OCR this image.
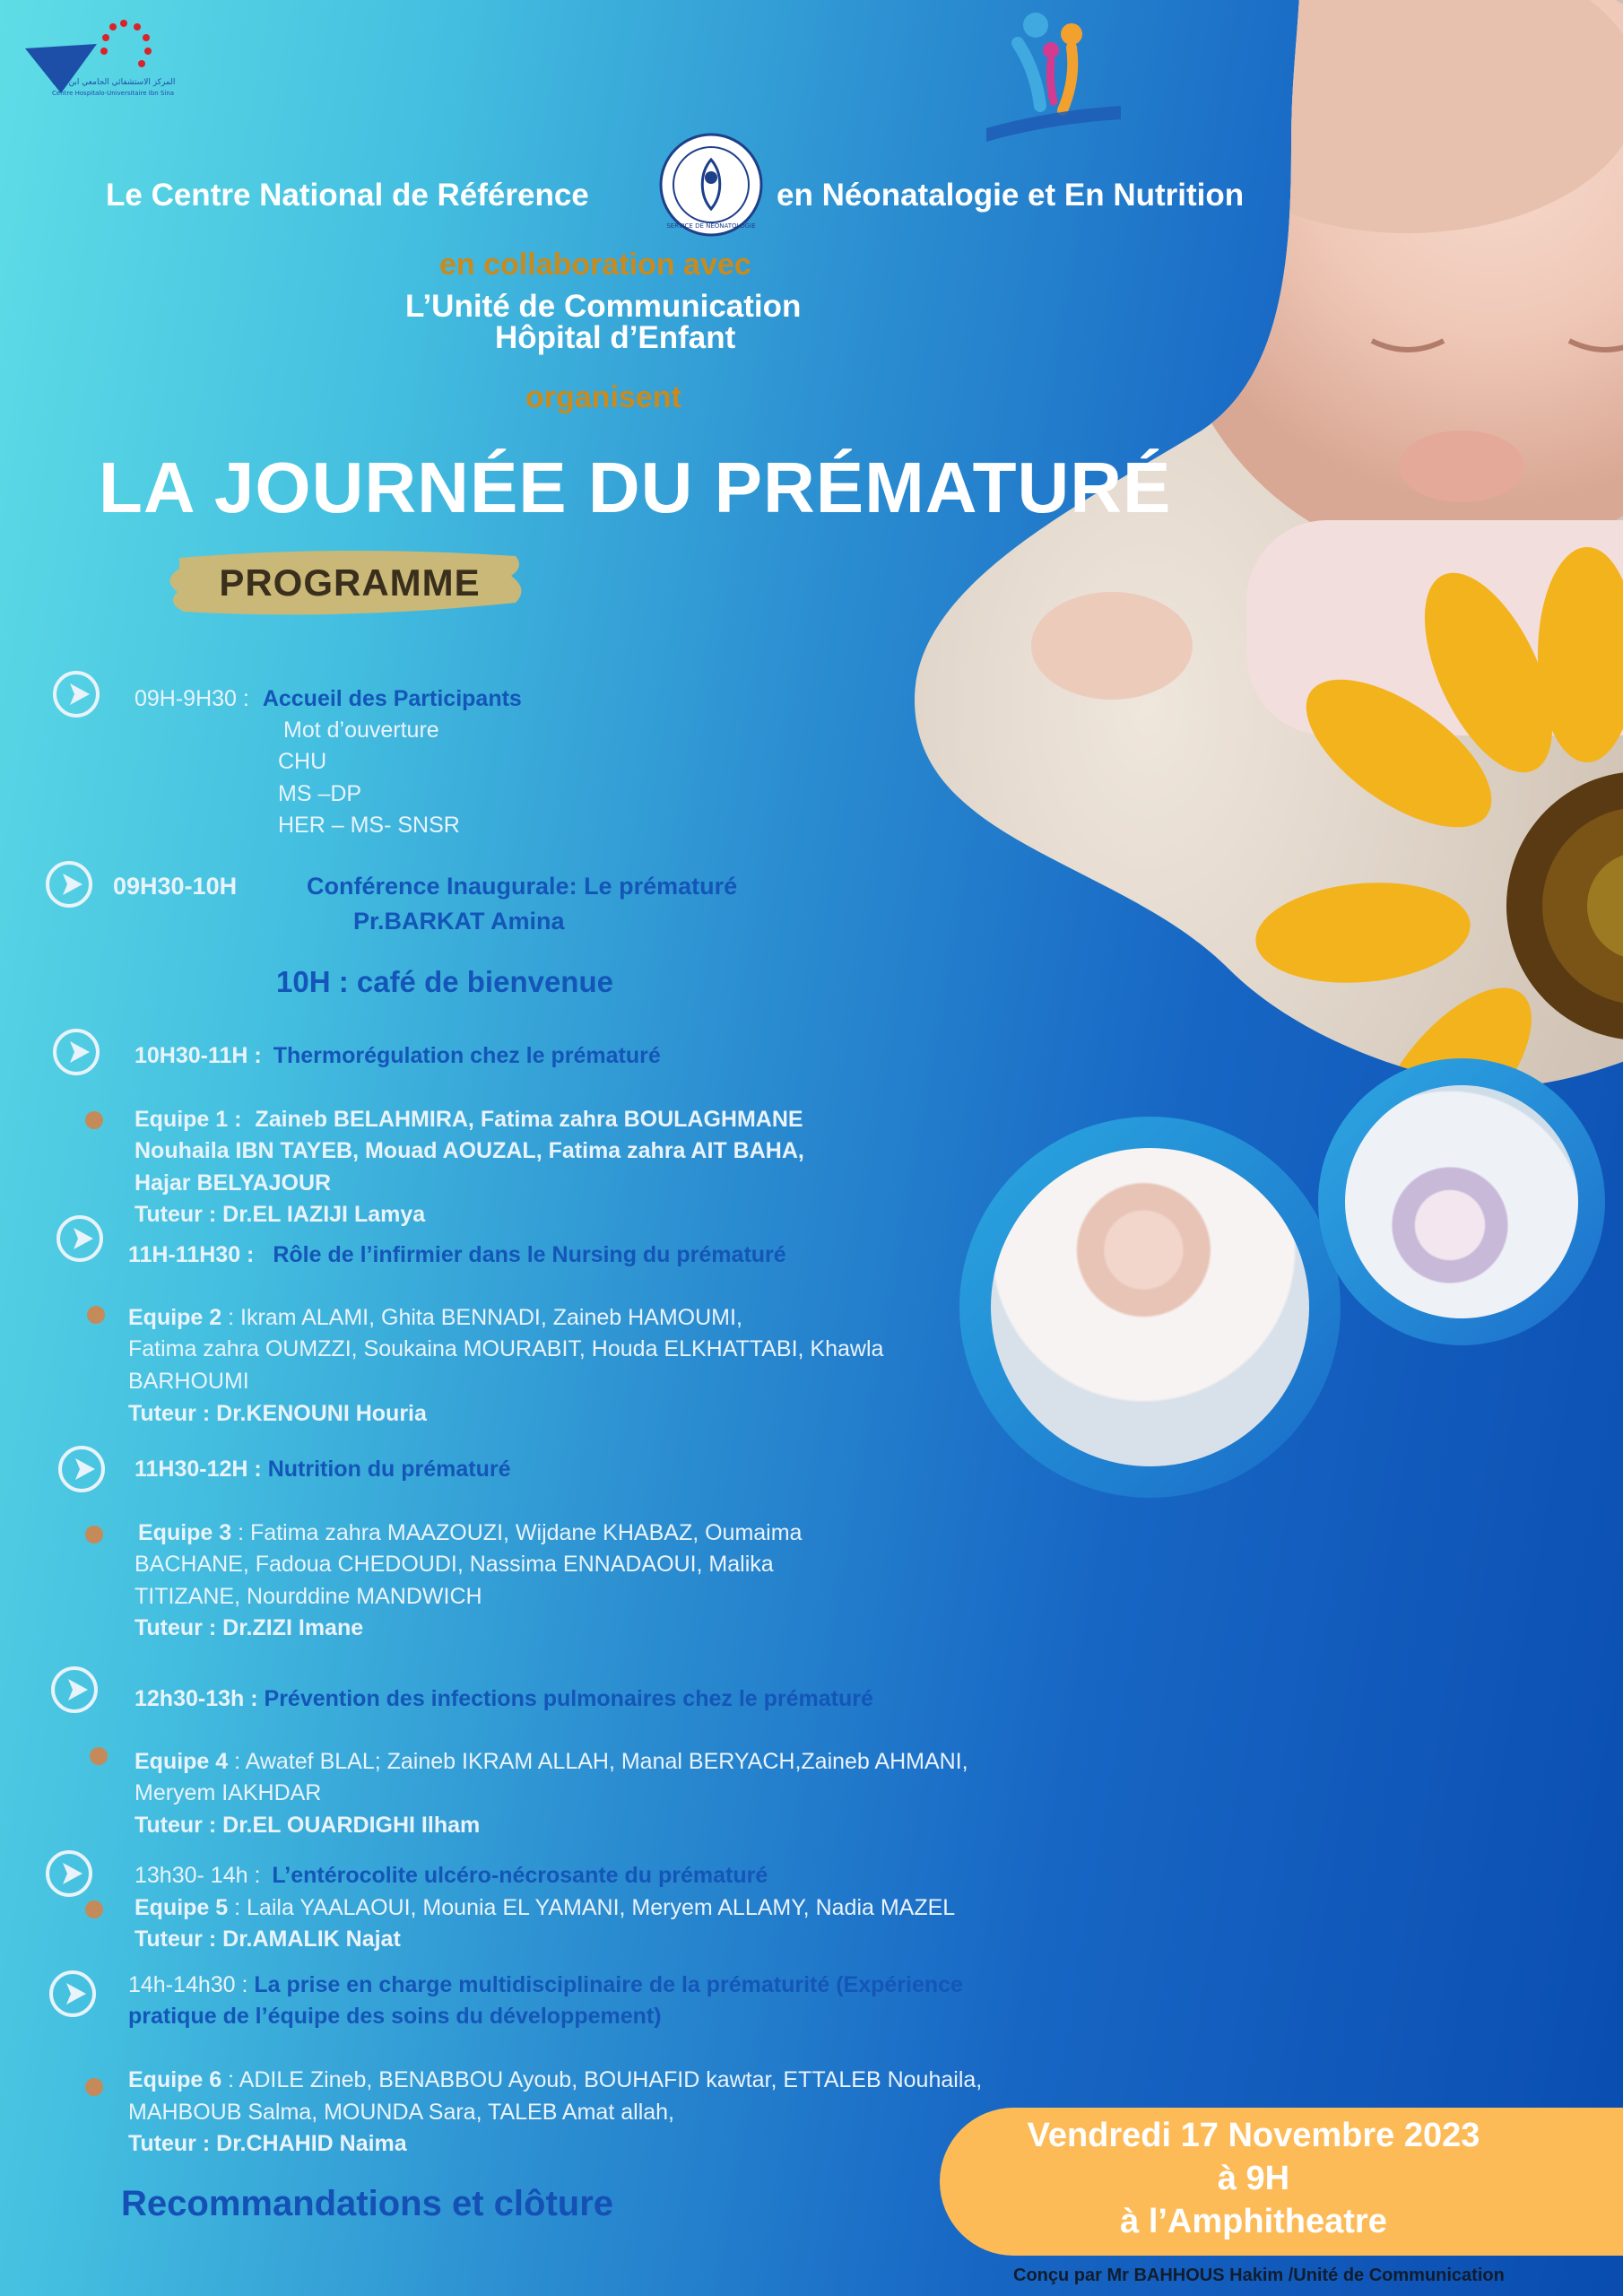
المركز الاستشفائي الجامعي ابن سينا
Centre Hospitalo-Universitaire Ibn Sina
Le Centre National de Référence
SERVICE DE NEONATOLOGIE
en Néonatalogie et En Nutrition
en collaboration avec
L’Unité de Communication
Hôpital d’Enfant
organisent
LA JOURNÉE DU PRÉMATURÉ
PROGRAMME
09H-9H30 : Accueil des Participants
Mot d’ouverture
CHU
MS –DP
HER – MS- SNSR
09H30-10H	Conférence Inaugurale: Le prématuré
Pr.BARKAT Amina
10H : café de bienvenue
10H30-11H : Thermorégulation chez le prématuré
Equipe 1 : Zaineb BELAHMIRA, Fatima zahra BOULAGHMANE
Nouhaila IBN TAYEB, Mouad AOUZAL, Fatima zahra AIT BAHA,
Hajar BELYAJOUR
Tuteur : Dr.EL IAZIJI Lamya
11H-11H30 : Rôle de l’infirmier dans le Nursing du prématuré
Equipe 2 : Ikram ALAMI, Ghita BENNADI, Zaineb HAMOUMI,
Fatima zahra OUMZZI, Soukaina MOURABIT, Houda ELKHATTABI, Khawla
BARHOUMI
Tuteur : Dr.KENOUNI Houria
11H30-12H : Nutrition du prématuré
Equipe 3 : Fatima zahra MAAZOUZI, Wijdane KHABAZ, Oumaima
BACHANE, Fadoua CHEDOUDI, Nassima ENNADAOUI, Malika
TITIZANE, Nourddine MANDWICH
Tuteur : Dr.ZIZI Imane
12h30-13h : Prévention des infections pulmonaires chez le prématuré
Equipe 4 : Awatef BLAL; Zaineb IKRAM ALLAH, Manal BERYACH,Zaineb AHMANI,
Meryem IAKHDAR
Tuteur : Dr.EL OUARDIGHI Ilham
13h30- 14h : L’entérocolite ulcéro-nécrosante du prématuré
Equipe 5 : Laila YAALAOUI, Mounia EL YAMANI, Meryem ALLAMY, Nadia MAZEL
Tuteur : Dr.AMALIK Najat
14h-14h30 : La prise en charge multidisciplinaire de la prématurité (Expérience
pratique de l’équipe des soins du développement)
Equipe 6 : ADILE Zineb, BENABBOU Ayoub, BOUHAFID kawtar, ETTALEB Nouhaila,
MAHBOUB Salma, MOUNDA Sara, TALEB Amat allah,
Tuteur : Dr.CHAHID Naima
Recommandations et clôture
Vendredi 17 Novembre 2023
à 9H
à l’Amphitheatre
Conçu par Mr BAHHOUS Hakim /Unité de Communication
